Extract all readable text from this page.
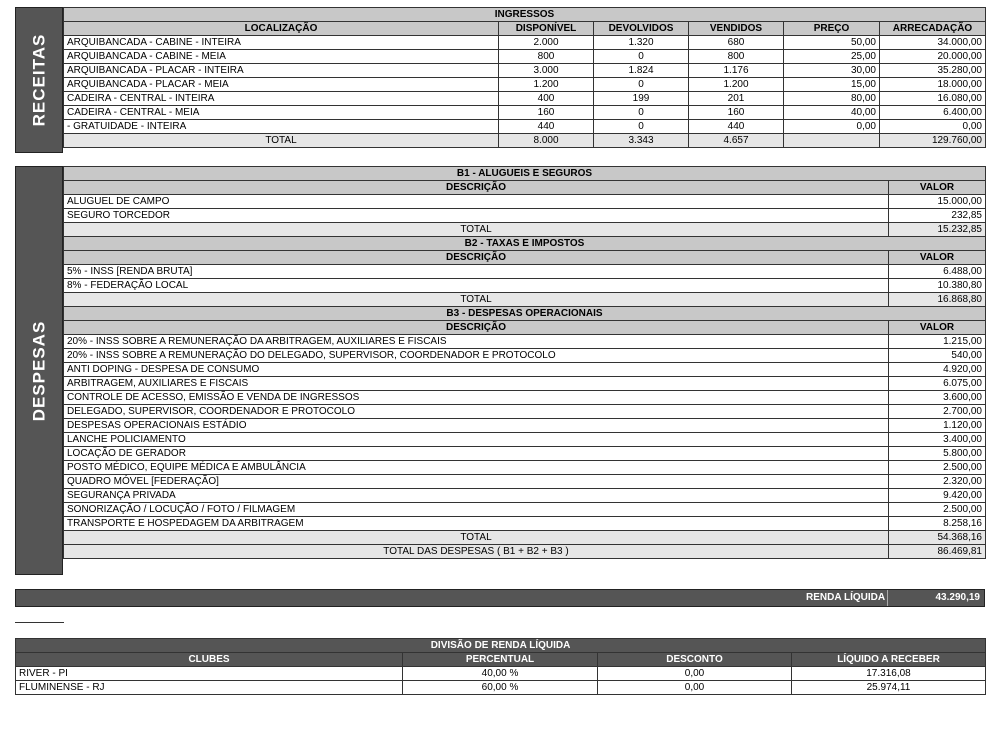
RECEITAS
INGRESSOS					
LOCALIZAÇÃO	DISPONÍVEL	DEVOLVIDOS	VENDIDOS	PREÇO	ARRECADAÇÃO
ARQUIBANCADA - CABINE - INTEIRA	2.000	1.320	680	50,00	34.000,00
ARQUIBANCADA - CABINE - MEIA	800	0	800	25,00	20.000,00
ARQUIBANCADA - PLACAR - INTEIRA	3.000	1.824	1.176	30,00	35.280,00
ARQUIBANCADA - PLACAR - MEIA	1.200	0	1.200	15,00	18.000,00
CADEIRA - CENTRAL - INTEIRA	400	199	201	80,00	16.080,00
CADEIRA - CENTRAL - MEIA	160	0	160	40,00	6.400,00
- GRATUIDADE - INTEIRA	440	0	440	0,00	0,00
TOTAL	8.000	3.343	4.657		129.760,00
DESPESAS
B1 - ALUGUEIS E SEGUROS	
DESCRIÇÃO	VALOR
ALUGUEL DE CAMPO	15.000,00
SEGURO TORCEDOR	232,85
TOTAL	15.232,85
B2 - TAXAS E IMPOSTOS	
DESCRIÇÃO	VALOR
5% - INSS [RENDA BRUTA]	6.488,00
8% - FEDERAÇÃO LOCAL	10.380,80
TOTAL	16.868,80
B3 - DESPESAS OPERACIONAIS	
DESCRIÇÃO	VALOR
20% - INSS SOBRE A REMUNERAÇÃO DA ARBITRAGEM, AUXILIARES E FISCAIS	1.215,00
20% - INSS SOBRE A REMUNERAÇÃO DO DELEGADO, SUPERVISOR, COORDENADOR E PROTOCOLO	540,00
ANTI DOPING - DESPESA DE CONSUMO	4.920,00
ARBITRAGEM, AUXILIARES E FISCAIS	6.075,00
CONTROLE DE ACESSO, EMISSÃO E VENDA DE INGRESSOS	3.600,00
DELEGADO, SUPERVISOR, COORDENADOR E PROTOCOLO	2.700,00
DESPESAS OPERACIONAIS ESTÁDIO	1.120,00
LANCHE POLICIAMENTO	3.400,00
LOCAÇÃO DE GERADOR	5.800,00
POSTO MÉDICO, EQUIPE MÉDICA E AMBULÂNCIA	2.500,00
QUADRO MÓVEL [FEDERAÇÃO]	2.320,00
SEGURANÇA PRIVADA	9.420,00
SONORIZAÇÃO / LOCUÇÃO / FOTO / FILMAGEM	2.500,00
TRANSPORTE E HOSPEDAGEM DA ARBITRAGEM	8.258,16
TOTAL	54.368,16
TOTAL DAS DESPESAS ( B1 + B2 + B3 )	86.469,81
RENDA LÍQUIDA	43.290,19
DIVISÃO DE RENDA LÍQUIDA			
CLUBES	PERCENTUAL	DESCONTO	LÍQUIDO A RECEBER
RIVER - PI	40,00 %	0,00	17.316,08
FLUMINENSE - RJ	60,00 %	0,00	25.974,11
